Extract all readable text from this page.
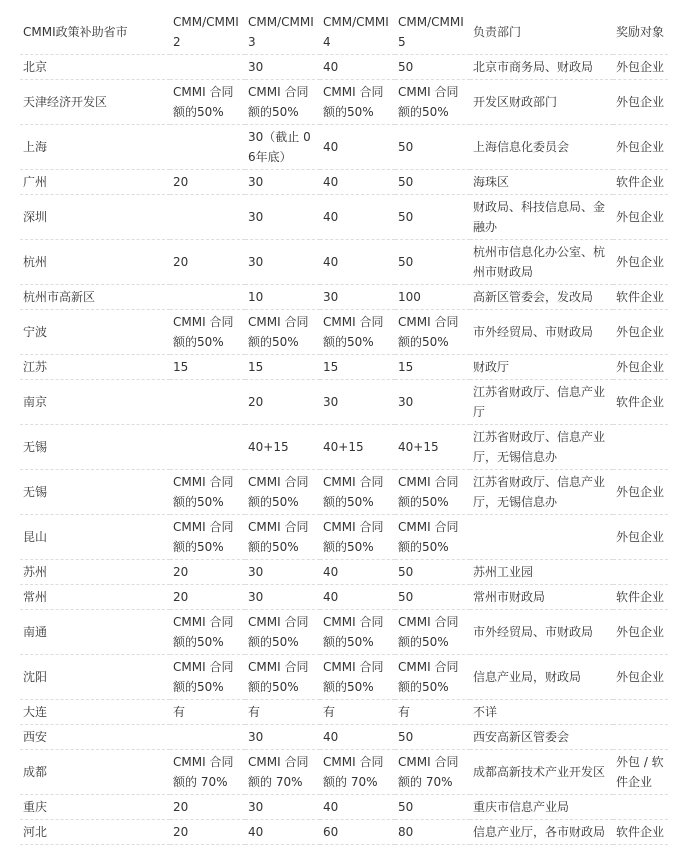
CMMI政策补助省市	CMM/CMMI 2	CMM/CMMI 3	CMM/CMMI 4	CMM/CMMI 5	负责部门	奖励对象
北京		30	40	50	北京市商务局、财政局	外包企业
天津经济开发区	CMMI 合同额的50%	CMMI 合同额的50%	CMMI 合同额的50%	CMMI 合同额的50%	开发区财政部门	外包企业
上海		30（截止 06年底）	40	50	上海信息化委员会	外包企业
广州	20	30	40	50	海珠区	软件企业
深圳		30	40	50	财政局、科技信息局、金融办	外包企业
杭州	20	30	40	50	杭州市信息化办公室、杭州市财政局	外包企业
杭州市高新区		10	30	100	高新区管委会，发改局	软件企业
宁波	CMMI 合同额的50%	CMMI 合同额的50%	CMMI 合同额的50%	CMMI 合同额的50%	市外经贸局、市财政局	外包企业
江苏	15	15	15	15	财政厅	外包企业
南京		20	30	30	江苏省财政厅、信息产业厅	软件企业
无锡		40+15	40+15	40+15	江苏省财政厅、信息产业厅，无锡信息办	
无锡	CMMI 合同额的50%	CMMI 合同额的50%	CMMI 合同额的50%	CMMI 合同额的50%	江苏省财政厅、信息产业厅，无锡信息办	外包企业
昆山	CMMI 合同额的50%	CMMI 合同额的50%	CMMI 合同额的50%	CMMI 合同额的50%		外包企业
苏州	20	30	40	50	苏州工业园	
常州	20	30	40	50	常州市财政局	软件企业
南通	CMMI 合同额的50%	CMMI 合同额的50%	CMMI 合同额的50%	CMMI 合同额的50%	市外经贸局、市财政局	外包企业
沈阳	CMMI 合同额的50%	CMMI 合同额的50%	CMMI 合同额的50%	CMMI 合同额的50%	信息产业局，财政局	外包企业
大连	有	有	有	有	不详	
西安		30	40	50	西安高新区管委会	
成都	CMMI 合同额的 70%	CMMI 合同额的 70%	CMMI 合同额的 70%	CMMI 合同额的 70%	成都高新技术产业开发区	外包 / 软件企业
重庆	20	30	40	50	重庆市信息产业局	
河北	20	40	60	80	信息产业厅，各市财政局	软件企业
